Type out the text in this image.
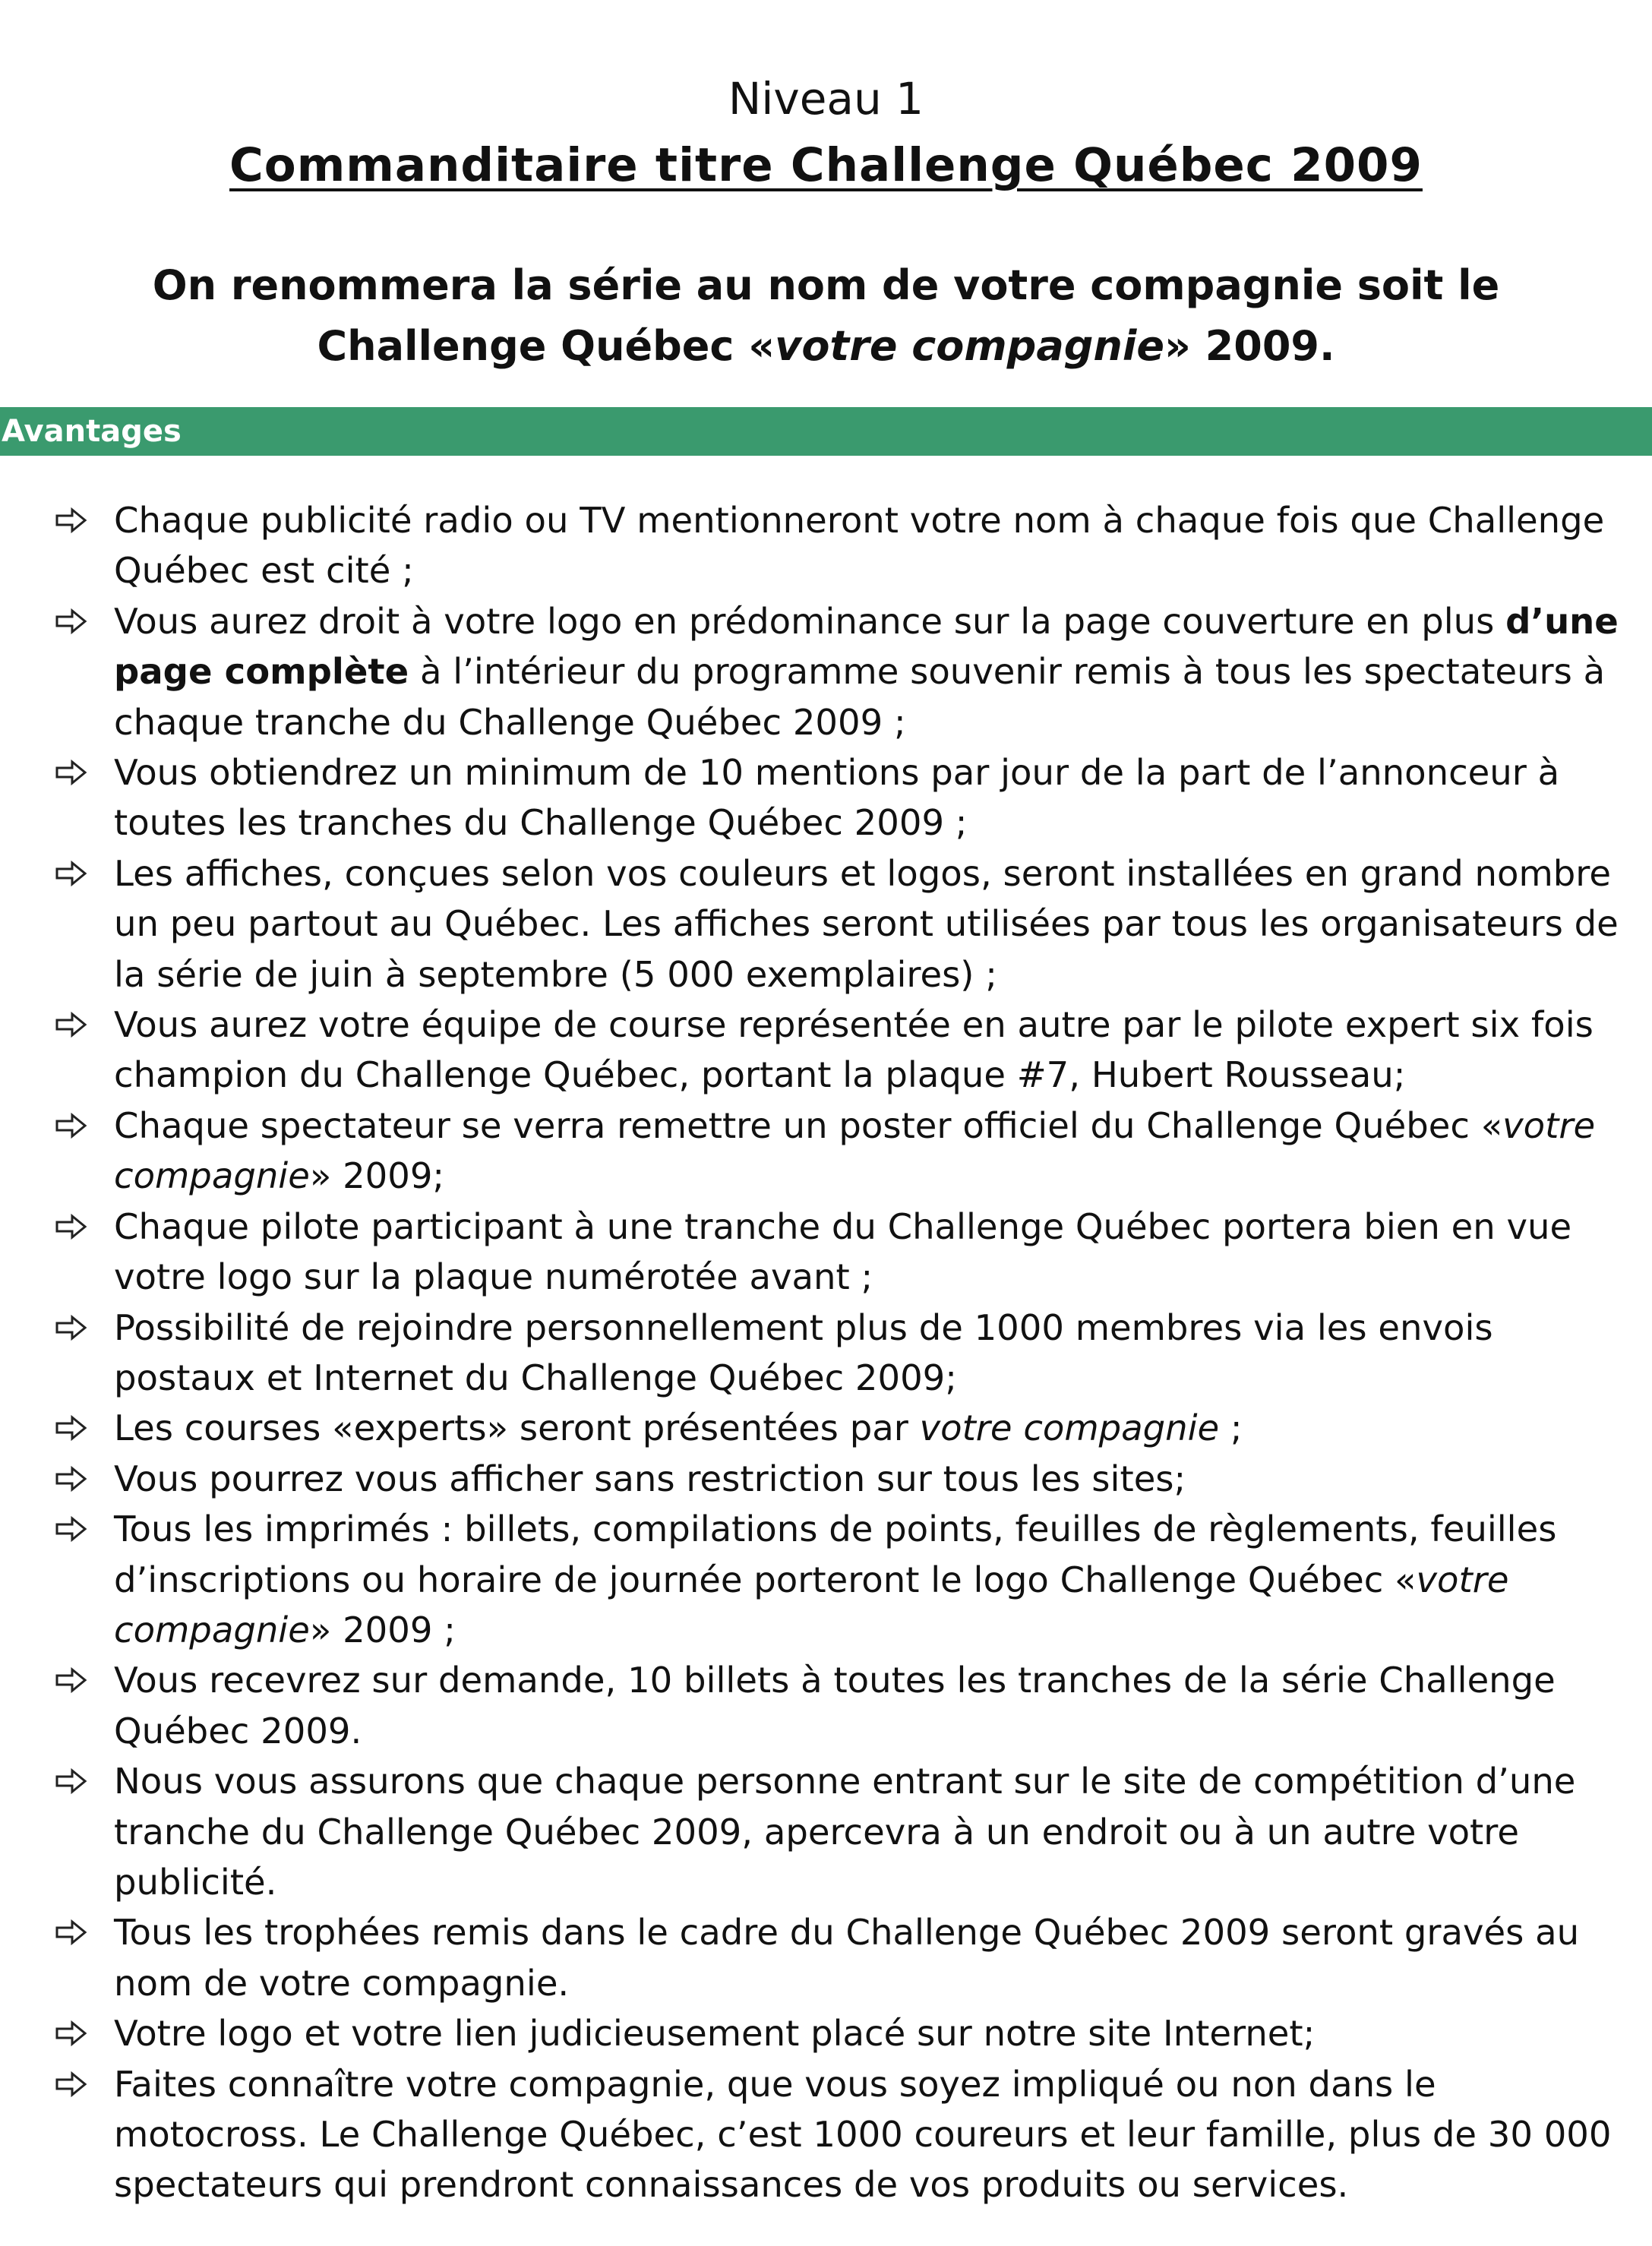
Niveau 1
Commanditaire titre Challenge Québec 2009
On renommera la série au nom de votre compagnie soit le Challenge Québec «votre compagnie» 2009.
Avantages
Chaque publicité radio ou TV mentionneront votre nom à chaque fois que Challenge Québec est cité ;
Vous aurez droit à votre logo en prédominance sur la page couverture en plus d’une page complète à l’intérieur du programme souvenir remis à tous les spectateurs à chaque tranche du Challenge Québec 2009 ;
Vous obtiendrez un minimum de 10 mentions par jour de la part de l’annonceur à toutes les tranches du Challenge Québec 2009 ;
Les affiches, conçues selon vos couleurs et logos, seront installées en grand nombre un peu partout au Québec. Les affiches seront utilisées par tous les organisateurs de la série de juin à septembre (5 000 exemplaires) ;
Vous aurez votre équipe de course représentée en autre par le pilote expert six fois champion du Challenge Québec, portant la plaque #7, Hubert Rousseau;
Chaque spectateur se verra remettre un poster officiel du Challenge Québec «votre compagnie» 2009;
Chaque pilote participant à une tranche du Challenge Québec portera bien en vue votre logo sur la plaque numérotée avant ;
Possibilité de rejoindre personnellement plus de 1000 membres via les envois postaux et Internet du Challenge Québec 2009;
Les courses «experts» seront présentées par votre compagnie ;
Vous pourrez vous afficher sans restriction sur tous les sites;
Tous les imprimés : billets, compilations de points, feuilles de règlements, feuilles d’inscriptions ou horaire de journée porteront le logo Challenge Québec «votre compagnie» 2009 ;
Vous recevrez sur demande, 10 billets à toutes les tranches de la série Challenge Québec 2009.
Nous vous assurons que chaque personne entrant sur le site de compétition d’une tranche du Challenge Québec 2009, apercevra à un endroit ou à un autre votre publicité.
Tous les trophées remis dans le cadre du Challenge Québec 2009 seront gravés au nom de votre compagnie.
Votre logo et votre lien judicieusement placé sur notre site Internet;
Faites connaître votre compagnie, que vous soyez impliqué ou non dans le motocross. Le Challenge Québec, c’est 1000 coureurs et leur famille, plus de 30 000 spectateurs qui prendront connaissances de vos produits ou services.
